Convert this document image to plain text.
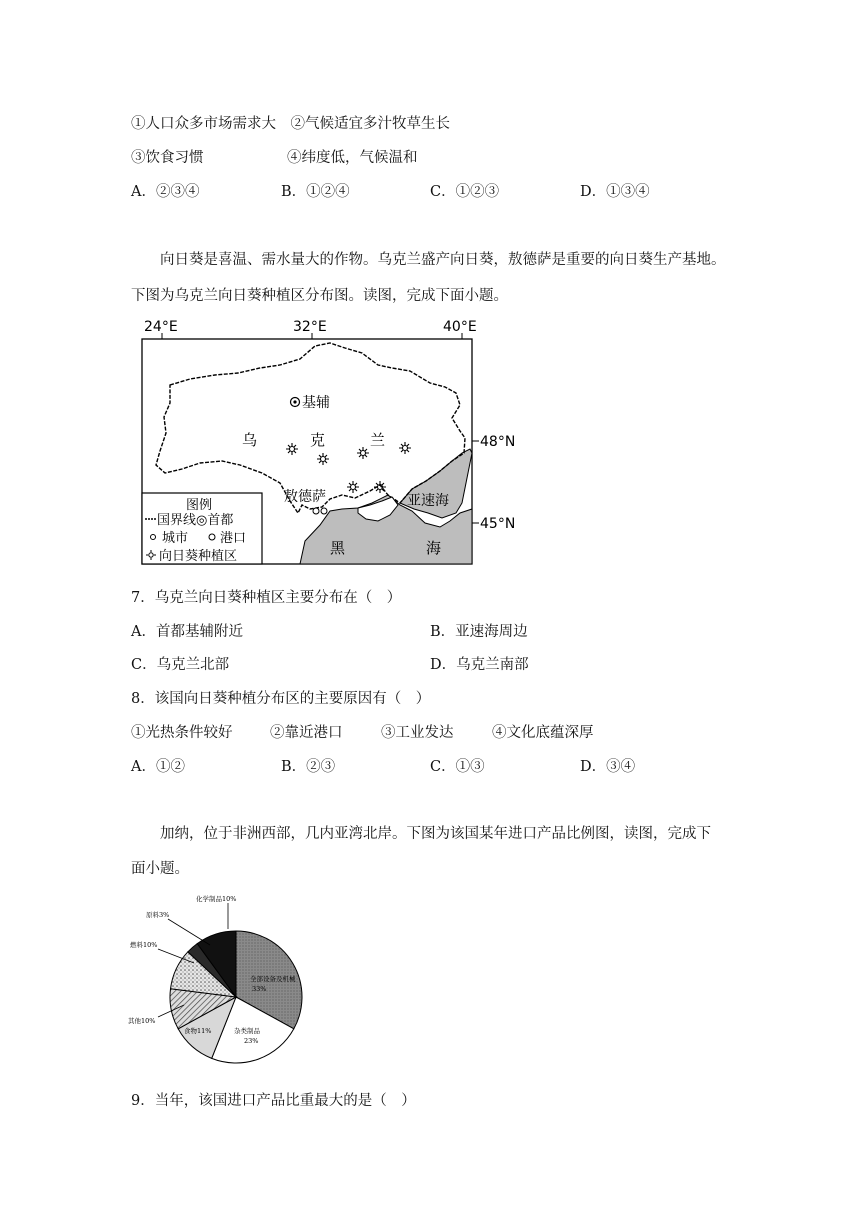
①人口众多市场需求大　②气候适宜多汁牧草生长
③饮食习惯	④纬度低，气候温和
A．②③④	B．①②④	C．①②③	D．①③④
向日葵是喜温、需水量大的作物。乌克兰盛产向日葵，敖德萨是重要的向日葵生产基地。
下图为乌克兰向日葵种植区分布图。读图，完成下面小题。
24°E	32°E	40°E
基辅
乌	克	兰	48°N
45°N
敖德萨	亚速海
黑	海
图例
国界线◎首都
城市 港口
向日葵种植区
7．乌克兰向日葵种植区主要分布在（　）
A．首都基辅附近	B．亚速海周边
C．乌克兰北部	D．乌克兰南部
8．该国向日葵种植分布区的主要原因有（　）
①光热条件较好	②靠近港口	③工业发达	④文化底蕴深厚
A．①②	B．②③	C．①③	D．③④
加纳，位于非洲西部，几内亚湾北岸。下图为该国某年进口产品比例图，读图，完成下
面小题。
化学制品10%
原料3%
燃料10%
其他10%
食物11%	杂类制品
23%
全部设备及机械
33%
9．当年，该国进口产品比重最大的是（　）
